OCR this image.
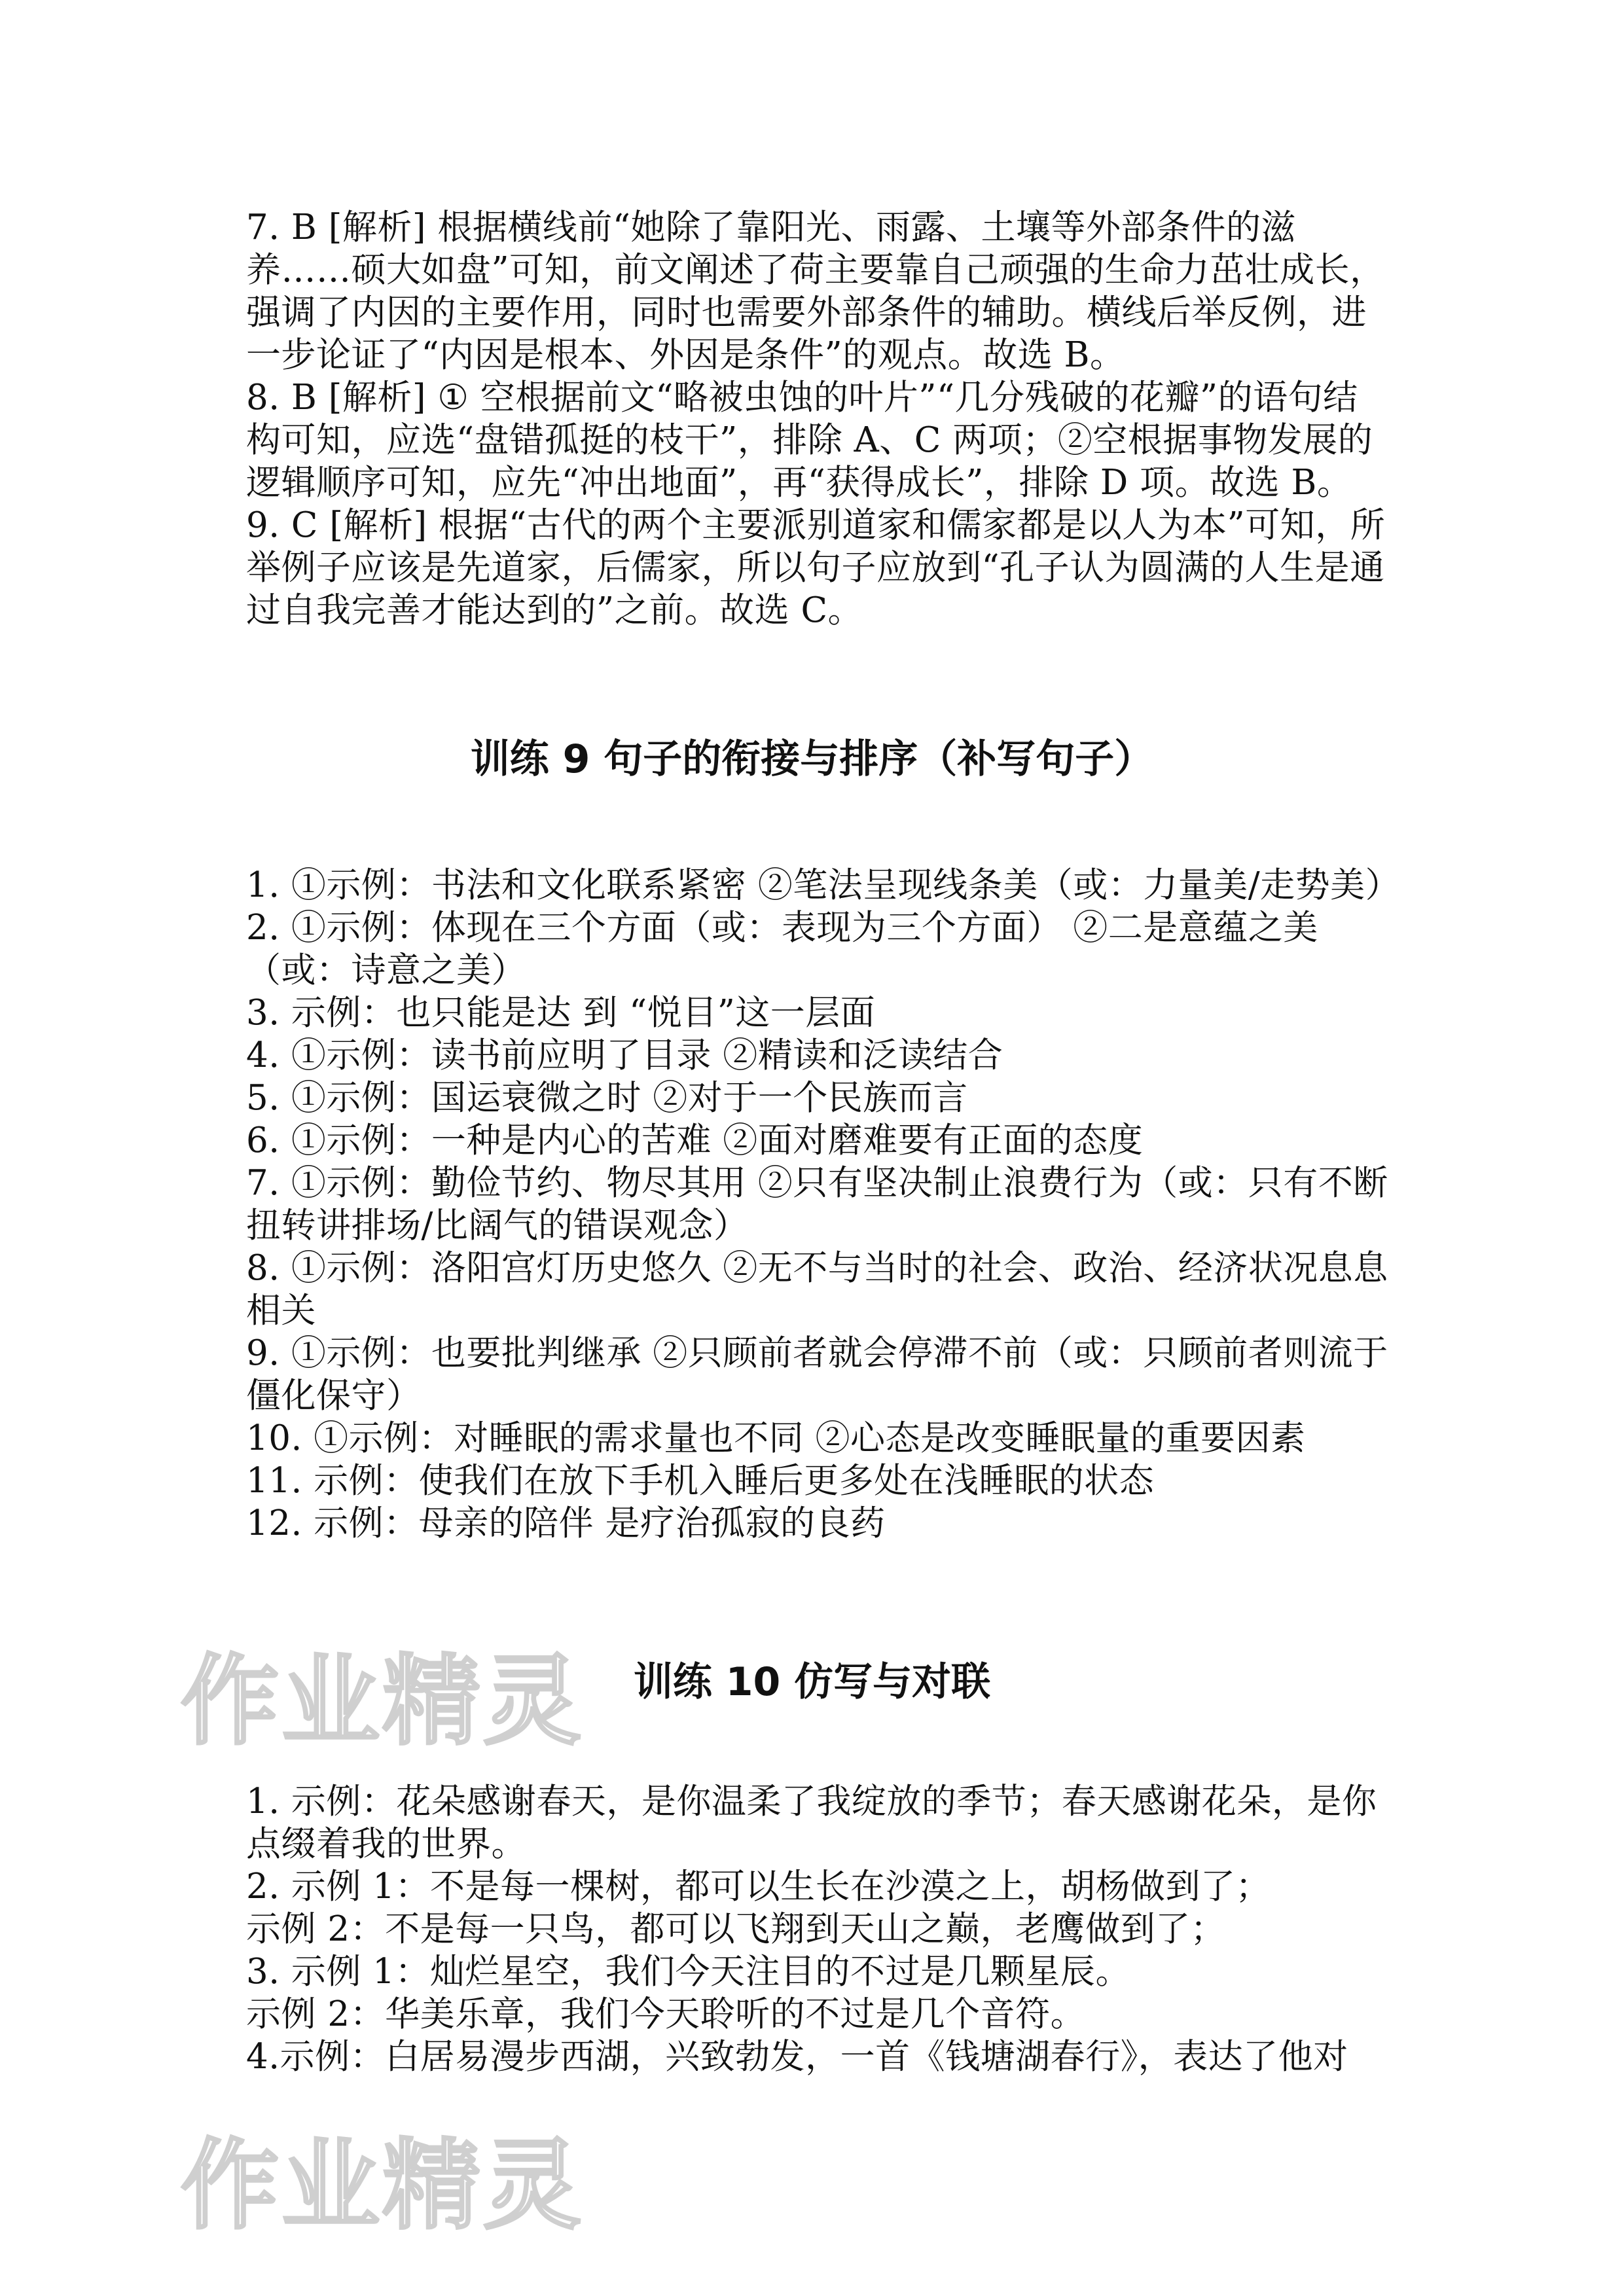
7. B [解析] 根据横线前“她除了靠阳光、雨露、土壤等外部条件的滋养……硕大如盘”可知，前文阐述了荷主要靠自己顽强的生命力茁壮成长，强调了内因的主要作用，同时也需要外部条件的辅助。横线后举反例，进一步论证了“内因是根本、外因是条件”的观点。故选 B。

8. B [解析] ① 空根据前文“略被虫蚀的叶片”“几分残破的花瓣”的语句结构可知，应选“盘错孤挺的枝干”，排除 A、C 两项；②空根据事物发展的逻辑顺序可知，应先“冲出地面”，再“获得成长”，排除 D 项。故选 B。

9. C [解析] 根据“古代的两个主要派别道家和儒家都是以人为本”可知，所举例子应该是先道家，后儒家，所以句子应放到“孔子认为圆满的人生是通过自我完善才能达到的”之前。故选 C。

训练 9 句子的衔接与排序（补写句子）

1. ①示例：书法和文化联系紧密 ②笔法呈现线条美（或：力量美/走势美）

2. ①示例：体现在三个方面（或：表现为三个方面） ②二是意蕴之美（或：诗意之美）

3. 示例：也只能是达 到 “悦目”这一层面

4. ①示例：读书前应明了目录 ②精读和泛读结合

5. ①示例：国运衰微之时 ②对于一个民族而言

6. ①示例：一种是内心的苦难 ②面对磨难要有正面的态度

7. ①示例：勤俭节约、物尽其用 ②只有坚决制止浪费行为（或：只有不断扭转讲排场/比阔气的错误观念）

8. ①示例：洛阳宫灯历史悠久 ②无不与当时的社会、政治、经济状况息息相关

9. ①示例：也要批判继承 ②只顾前者就会停滞不前（或：只顾前者则流于僵化保守）

10. ①示例：对睡眠的需求量也不同 ②心态是改变睡眠量的重要因素

11. 示例：使我们在放下手机入睡后更多处在浅睡眠的状态

12. 示例：母亲的陪伴 是疗治孤寂的良药

训练 10 仿写与对联

1. 示例：花朵感谢春天，是你温柔了我绽放的季节；春天感谢花朵，是你点缀着我的世界。

2. 示例 1：不是每一棵树，都可以生长在沙漠之上，胡杨做到了；

示例 2：不是每一只鸟，都可以飞翔到天山之巅，老鹰做到了；

3. 示例 1：灿烂星空，我们今天注目的不过是几颗星辰。

示例 2：华美乐章，我们今天聆听的不过是几个音符。

4.示例：白居易漫步西湖，兴致勃发，一首《钱塘湖春行》，表达了他对

作业精灵
作业精灵
